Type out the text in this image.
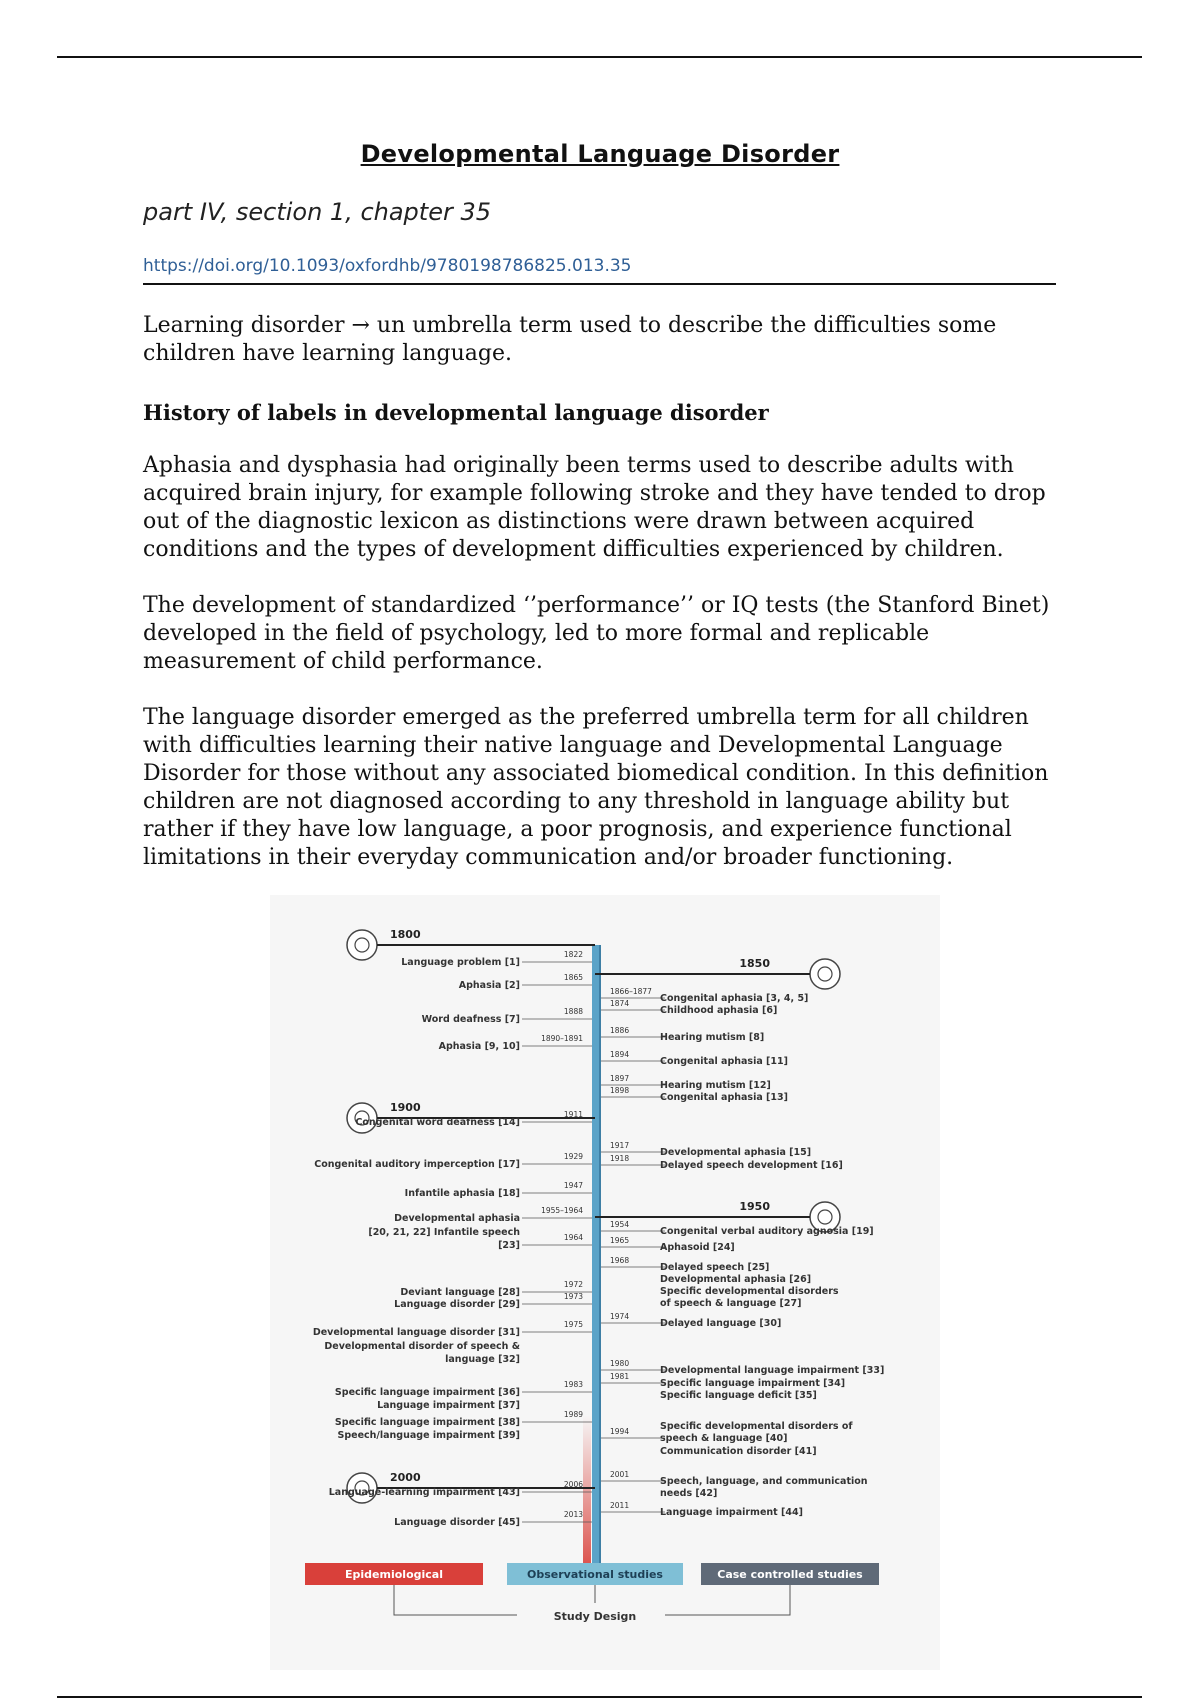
Developmental Language Disorder
part IV, section 1, chapter 35
https://doi.org/10.1093/oxfordhb/9780198786825.013.35

Learning disorder → un umbrella term used to describe the difficulties some children have learning language.

History of labels in developmental language disorder

Aphasia and dysphasia had originally been terms used to describe adults with acquired brain injury, for example following stroke and they have tended to drop out of the diagnostic lexicon as distinctions were drawn between acquired conditions and the types of development difficulties experienced by children.

The development of standardized ‘’performance’’ or IQ tests (the Stanford Binet) developed in the field of psychology, led to more formal and replicable measurement of child performance.

The language disorder emerged as the preferred umbrella term for all children with difficulties learning their native language and Developmental Language Disorder for those without any associated biomedical condition. In this definition children are not diagnosed according to any threshold in language ability but rather if they have low language, a poor prognosis, and experience functional limitations in their everyday communication and/or broader functioning.

1800
1850
1900
1950
2000
Language problem [1]
1822
Aphasia [2]
1865
Word deafness [7]
1888
Aphasia [9, 10]
1890–1891
Congenital word deafness [14]
1911
Congenital auditory imperception [17]
1929
Infantile aphasia [18]
1947
Developmental aphasia
1955–1964
[20, 21, 22] Infantile speech
[23]
1964
Deviant language [28]
1972
Language disorder [29]
1973
Developmental language disorder [31]
1975
Developmental disorder of speech &
language [32]
Specific language impairment [36]
1983
Language impairment [37]
Specific language impairment [38]
1989
Speech/language impairment [39]
Language-learning impairment [43]
2006
Language disorder [45]
2013
1866–1877
Congenital aphasia [3, 4, 5]
1874
Childhood aphasia [6]
1886
Hearing mutism [8]
1894
Congenital aphasia [11]
1897
Hearing mutism [12]
1898
Congenital aphasia [13]
1917
Developmental aphasia [15]
1918
Delayed speech development [16]
1954
Congenital verbal auditory agnosia [19]
1965
Aphasoid [24]
1968
Delayed speech [25]
Developmental aphasia [26]
Specific developmental disorders
of speech & language [27]
1974
Delayed language [30]
1980
Developmental language impairment [33]
1981
Specific language impairment [34]
Specific language deficit [35]
Specific developmental disorders of
1994
speech & language [40]
Communication disorder [41]
2001
Speech, language, and communication
needs [42]
2011
Language impairment [44]
Epidemiological	Observational studies	Case controlled studies
Study Design
